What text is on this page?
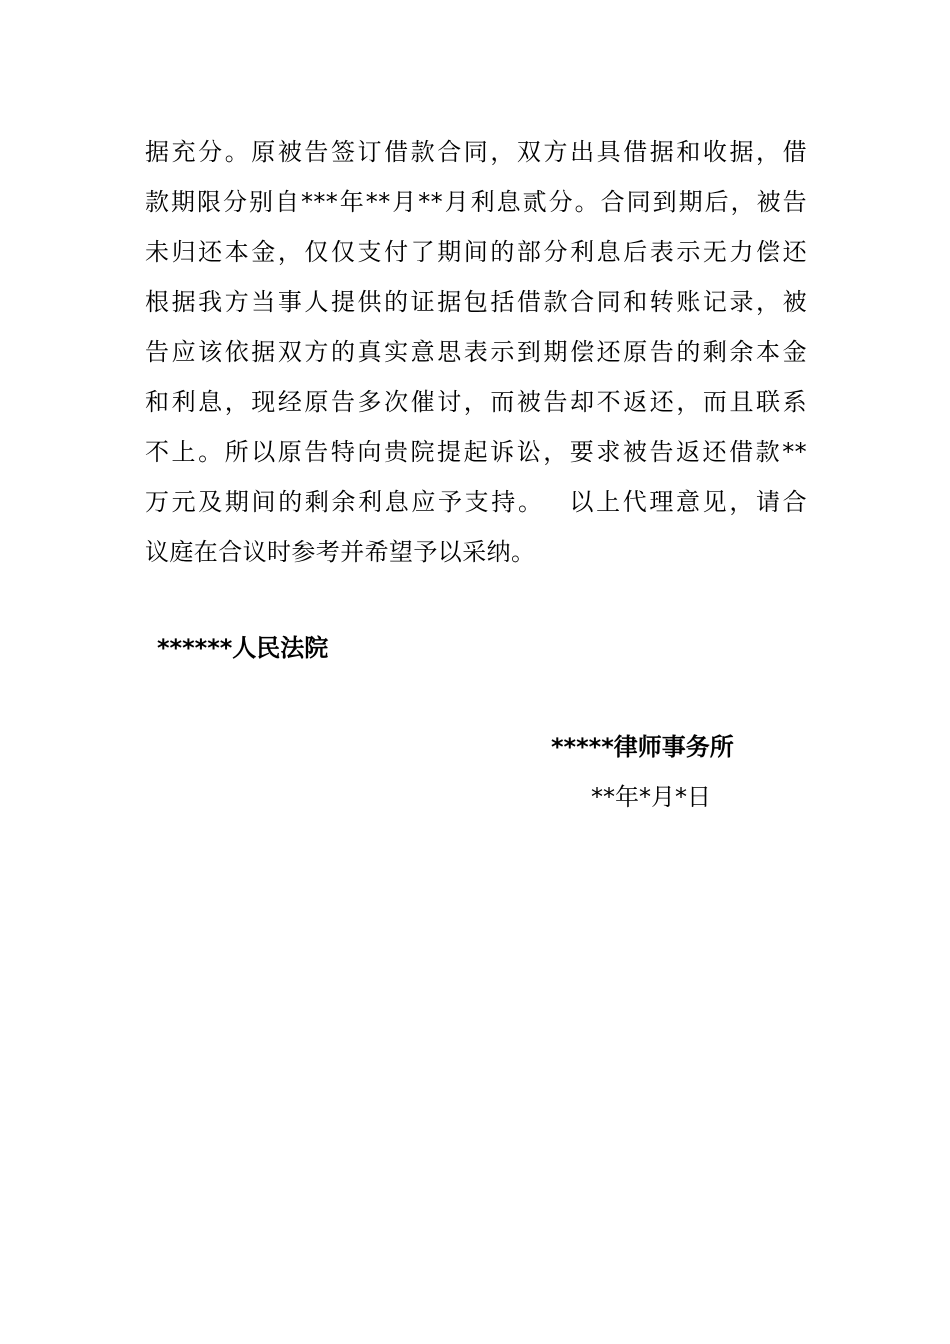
据充分。原被告签订借款合同，双方出具借据和收据，借
款期限分别自***年**月**月利息贰分。合同到期后，被告
未归还本金，仅仅支付了期间的部分利息后表示无力偿还
根据我方当事人提供的证据包括借款合同和转账记录，被
告应该依据双方的真实意思表示到期偿还原告的剩余本金
和利息，现经原告多次催讨，而被告却不返还，而且联系
不上。所以原告特向贵院提起诉讼，要求被告返还借款**
万元及期间的剩余利息应予支持。　 以上代理意见，请合
议庭在合议时参考并希望予以采纳。
******人民法院
*****律师事务所
**年*月*日
